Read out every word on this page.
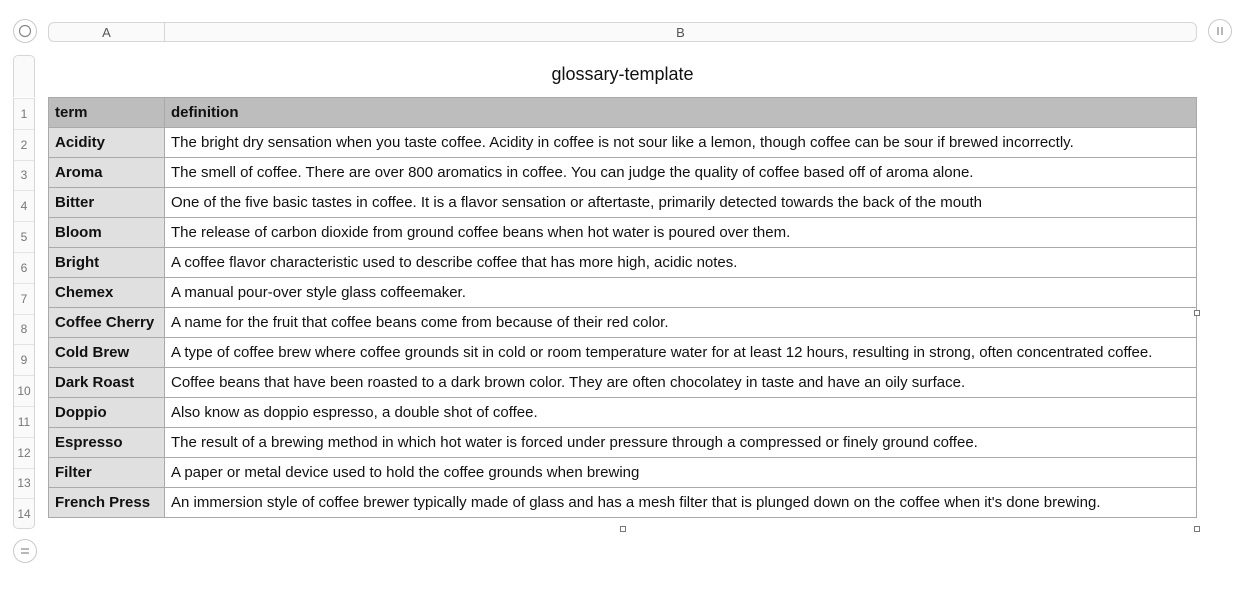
A	B
1
2
3
4
5
6
7
8
9
10
11
12
13
14
glossary-template
term	definition
Acidity	The bright dry sensation when you taste coffee. Acidity in coffee is not sour like a lemon, though coffee can be sour if brewed incorrectly.
Aroma	The smell of coffee. There are over 800 aromatics in coffee. You can judge the quality of coffee based off of aroma alone.
Bitter	One of the five basic tastes in coffee. It is a flavor sensation or aftertaste, primarily detected towards the back of the mouth
Bloom	The release of carbon dioxide from ground coffee beans when hot water is poured over them.
Bright	A coffee flavor characteristic used to describe coffee that has more high, acidic notes.
Chemex	A manual pour-over style glass coffeemaker.
Coffee Cherry	A name for the fruit that coffee beans come from because of their red color.
Cold Brew	A type of coffee brew where coffee grounds sit in cold or room temperature water for at least 12 hours, resulting in strong, often concentrated coffee.
Dark Roast	Coffee beans that have been roasted to a dark brown color. They are often chocolatey in taste and have an oily surface.
Doppio	Also know as doppio espresso, a double shot of coffee.
Espresso	The result of a brewing method in which hot water is forced under pressure through a compressed or finely ground coffee.
Filter	A paper or metal device used to hold the coffee grounds when brewing
French Press	An immersion style of coffee brewer typically made of glass and has a mesh filter that is plunged down on the coffee when it's done brewing.
